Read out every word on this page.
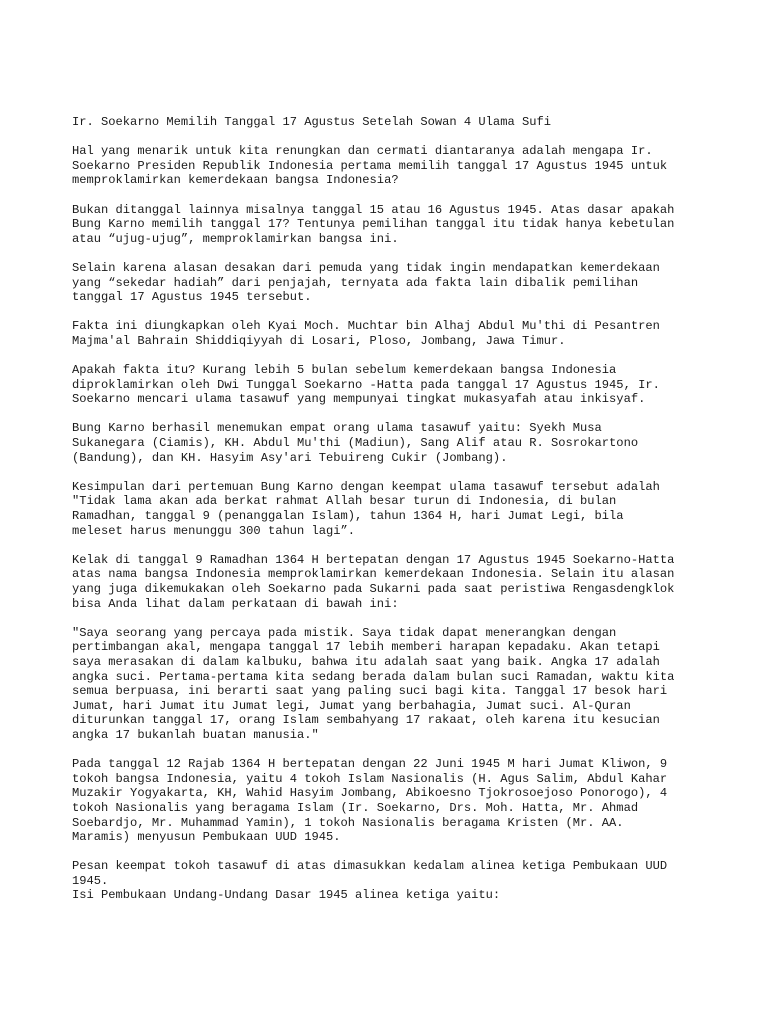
Ir. Soekarno Memilih Tanggal 17 Agustus Setelah Sowan 4 Ulama Sufi

Hal yang menarik untuk kita renungkan dan cermati diantaranya adalah mengapa Ir.
Soekarno Presiden Republik Indonesia pertama memilih tanggal 17 Agustus 1945 untuk
memproklamirkan kemerdekaan bangsa Indonesia?

Bukan ditanggal lainnya misalnya tanggal 15 atau 16 Agustus 1945. Atas dasar apakah
Bung Karno memilih tanggal 17? Tentunya pemilihan tanggal itu tidak hanya kebetulan
atau “ujug-ujug”, memproklamirkan bangsa ini.

Selain karena alasan desakan dari pemuda yang tidak ingin mendapatkan kemerdekaan
yang “sekedar hadiah” dari penjajah, ternyata ada fakta lain dibalik pemilihan
tanggal 17 Agustus 1945 tersebut.

Fakta ini diungkapkan oleh Kyai Moch. Muchtar bin Alhaj Abdul Mu'thi di Pesantren
Majma'al Bahrain Shiddiqiyyah di Losari, Ploso, Jombang, Jawa Timur.

Apakah fakta itu? Kurang lebih 5 bulan sebelum kemerdekaan bangsa Indonesia
diproklamirkan oleh Dwi Tunggal Soekarno -Hatta pada tanggal 17 Agustus 1945, Ir.
Soekarno mencari ulama tasawuf yang mempunyai tingkat mukasyafah atau inkisyaf.

Bung Karno berhasil menemukan empat orang ulama tasawuf yaitu: Syekh Musa
Sukanegara (Ciamis), KH. Abdul Mu'thi (Madiun), Sang Alif atau R. Sosrokartono
(Bandung), dan KH. Hasyim Asy'ari Tebuireng Cukir (Jombang).

Kesimpulan dari pertemuan Bung Karno dengan keempat ulama tasawuf tersebut adalah
"Tidak lama akan ada berkat rahmat Allah besar turun di Indonesia, di bulan
Ramadhan, tanggal 9 (penanggalan Islam), tahun 1364 H, hari Jumat Legi, bila
meleset harus menunggu 300 tahun lagi”.

Kelak di tanggal 9 Ramadhan 1364 H bertepatan dengan 17 Agustus 1945 Soekarno-Hatta
atas nama bangsa Indonesia memproklamirkan kemerdekaan Indonesia. Selain itu alasan
yang juga dikemukakan oleh Soekarno pada Sukarni pada saat peristiwa Rengasdengklok
bisa Anda lihat dalam perkataan di bawah ini:

"Saya seorang yang percaya pada mistik. Saya tidak dapat menerangkan dengan
pertimbangan akal, mengapa tanggal 17 lebih memberi harapan kepadaku. Akan tetapi
saya merasakan di dalam kalbuku, bahwa itu adalah saat yang baik. Angka 17 adalah
angka suci. Pertama-pertama kita sedang berada dalam bulan suci Ramadan, waktu kita
semua berpuasa, ini berarti saat yang paling suci bagi kita. Tanggal 17 besok hari
Jumat, hari Jumat itu Jumat legi, Jumat yang berbahagia, Jumat suci. Al-Quran
diturunkan tanggal 17, orang Islam sembahyang 17 rakaat, oleh karena itu kesucian
angka 17 bukanlah buatan manusia."

Pada tanggal 12 Rajab 1364 H bertepatan dengan 22 Juni 1945 M hari Jumat Kliwon, 9
tokoh bangsa Indonesia, yaitu 4 tokoh Islam Nasionalis (H. Agus Salim, Abdul Kahar
Muzakir Yogyakarta, KH, Wahid Hasyim Jombang, Abikoesno Tjokrosoejoso Ponorogo), 4
tokoh Nasionalis yang beragama Islam (Ir. Soekarno, Drs. Moh. Hatta, Mr. Ahmad
Soebardjo, Mr. Muhammad Yamin), 1 tokoh Nasionalis beragama Kristen (Mr. AA.
Maramis) menyusun Pembukaan UUD 1945.

Pesan keempat tokoh tasawuf di atas dimasukkan kedalam alinea ketiga Pembukaan UUD
1945.

Isi Pembukaan Undang-Undang Dasar 1945 alinea ketiga yaitu:
